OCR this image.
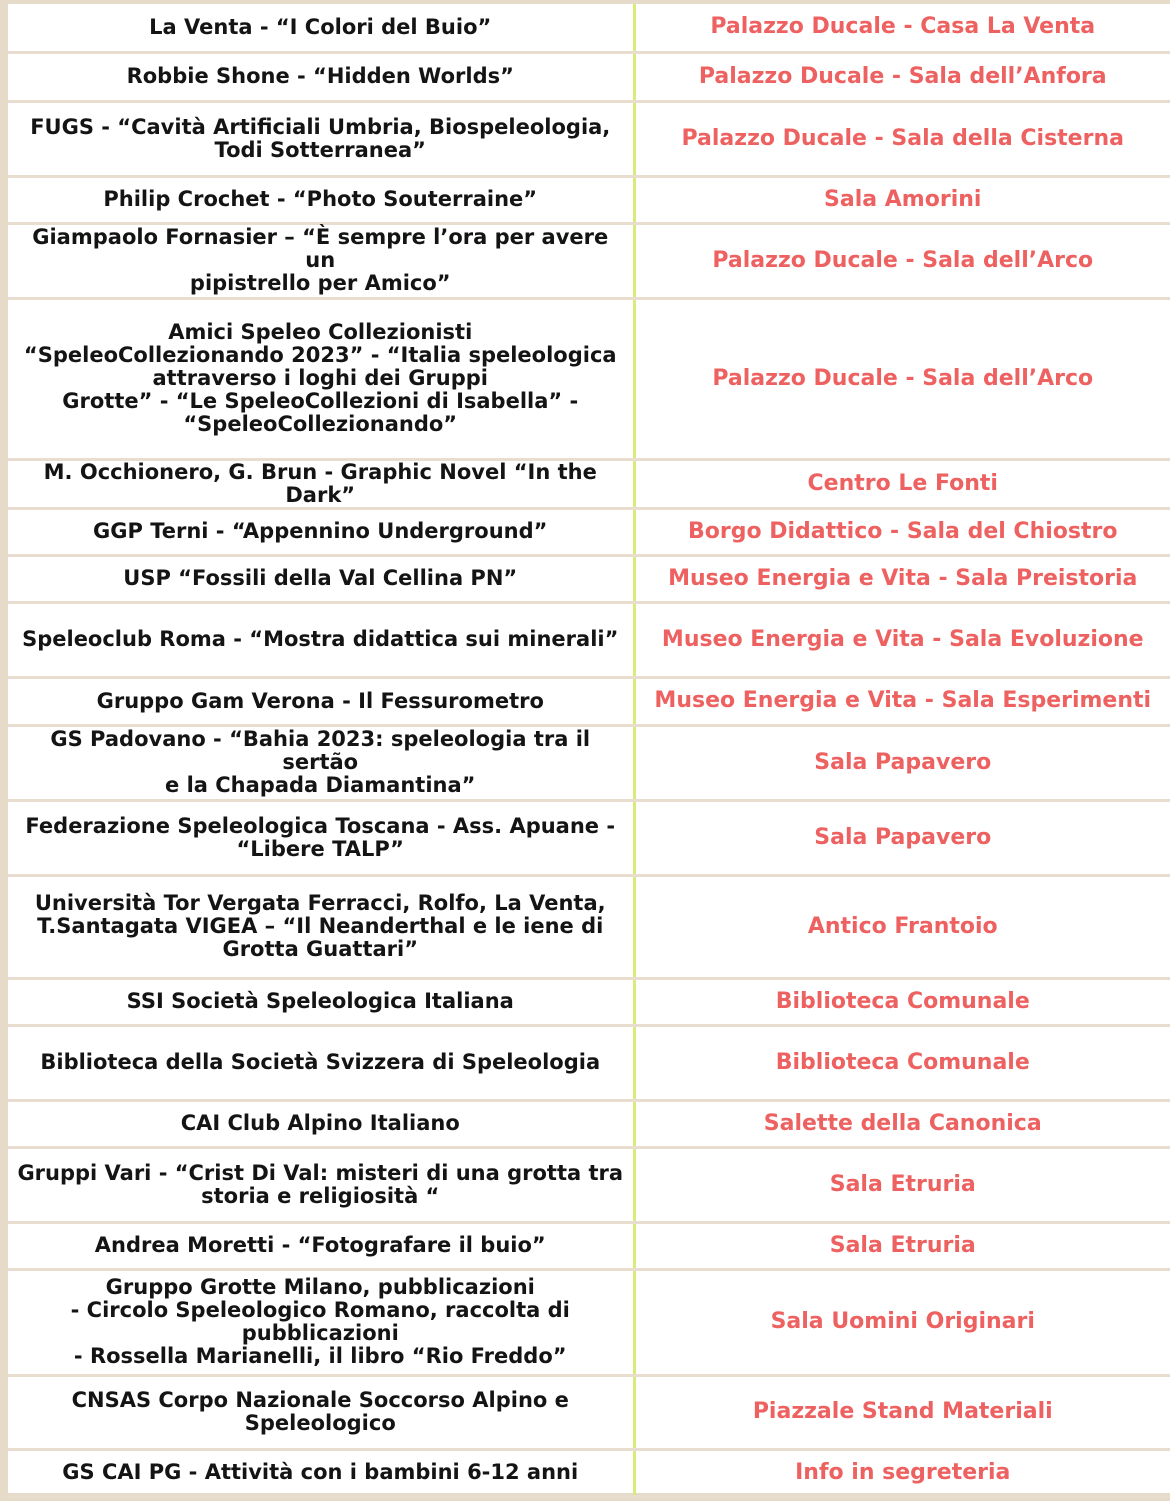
La Venta - “I Colori del Buio”	Palazzo Ducale - Casa La Venta
Robbie Shone - “Hidden Worlds”	Palazzo Ducale - Sala dell’Anfora
FUGS - “Cavità Artificiali Umbria, Biospeleologia,
Todi Sotterranea”	Palazzo Ducale - Sala della Cisterna
Philip Crochet - “Photo Souterraine”	Sala Amorini
Giampaolo Fornasier – “È sempre l’ora per avere un
pipistrello per Amico”	Palazzo Ducale - Sala dell’Arco
Amici Speleo Collezionisti
“SpeleoCollezionando 2023” - “Italia speleologica
attraverso i loghi dei Gruppi
Grotte” - “Le SpeleoCollezioni di Isabella” -
“SpeleoCollezionando”	Palazzo Ducale - Sala dell’Arco
M. Occhionero, G. Brun - Graphic Novel “In the Dark”	Centro Le Fonti
GGP Terni - “Appennino Underground”	Borgo Didattico - Sala del Chiostro
USP “Fossili della Val Cellina PN”	Museo Energia e Vita - Sala Preistoria
Speleoclub Roma - “Mostra didattica sui minerali”	Museo Energia e Vita - Sala Evoluzione
Gruppo Gam Verona - Il Fessurometro	Museo Energia e Vita - Sala Esperimenti
GS Padovano - “Bahia 2023: speleologia tra il sertão
e la Chapada Diamantina”	Sala Papavero
Federazione Speleologica Toscana - Ass. Apuane -
“Libere TALP”	Sala Papavero
Università Tor Vergata Ferracci, Rolfo, La Venta,
T.Santagata VIGEA – “Il Neanderthal e le iene di
Grotta Guattari”	Antico Frantoio
SSI Società Speleologica Italiana	Biblioteca Comunale
Biblioteca della Società Svizzera di Speleologia	Biblioteca Comunale
CAI Club Alpino Italiano	Salette della Canonica
Gruppi Vari - “Crist Di Val: misteri di una grotta tra
storia e religiosità “	Sala Etruria
Andrea Moretti - “Fotografare il buio”	Sala Etruria
Gruppo Grotte Milano, pubblicazioni
- Circolo Speleologico Romano, raccolta di
pubblicazioni
- Rossella Marianelli, il libro “Rio Freddo”	Sala Uomini Originari
CNSAS Corpo Nazionale Soccorso Alpino e
Speleologico	Piazzale Stand Materiali
GS CAI PG - Attività con i bambini 6-12 anni	Info in segreteria
